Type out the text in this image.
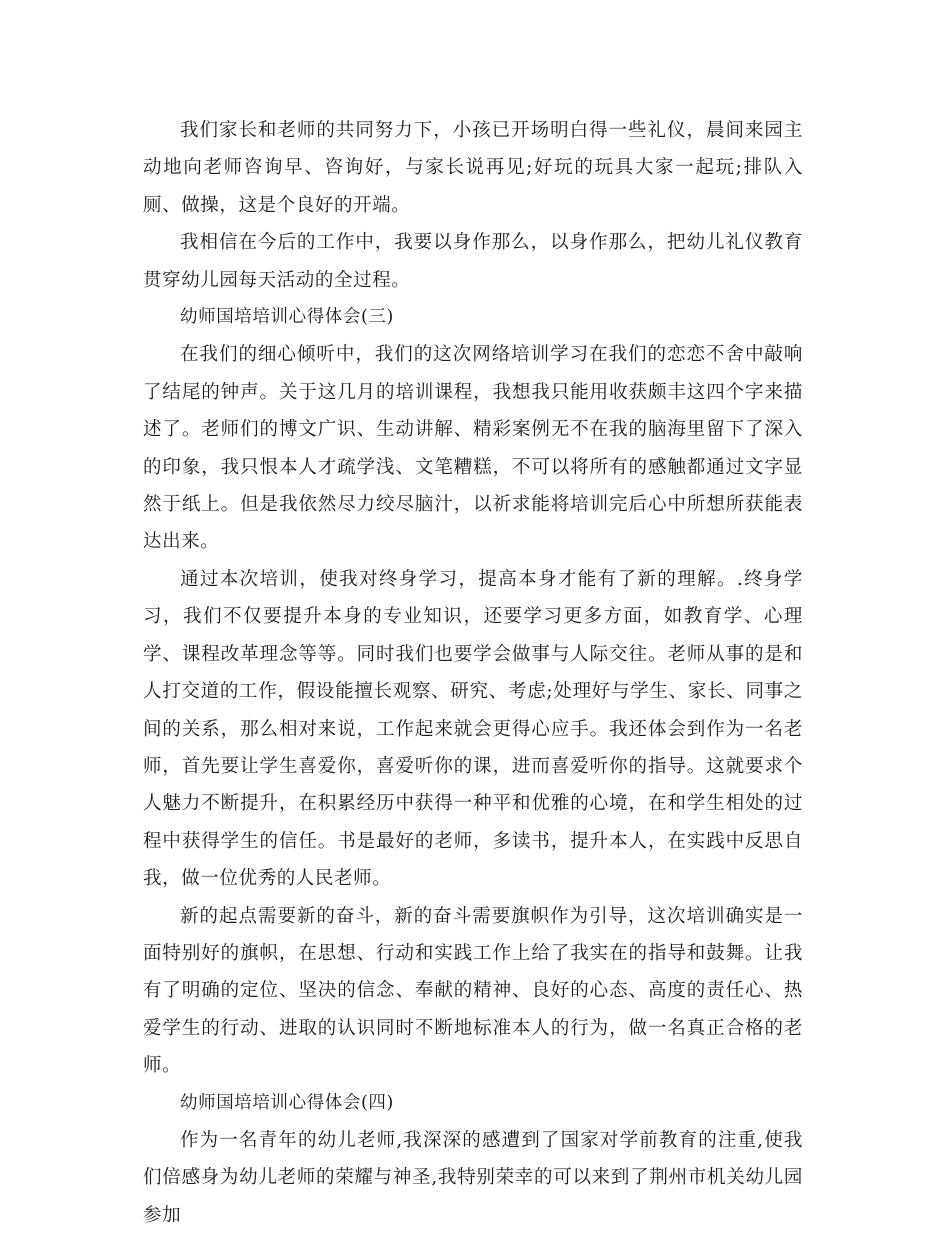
我们家长和老师的共同努力下，小孩已开场明白得一些礼仪，晨间来园主动地向老师咨询早、咨询好，与家长说再见;好玩的玩具大家一起玩;排队入厕、做操，这是个良好的开端。

我相信在今后的工作中，我要以身作那么，以身作那么，把幼儿礼仪教育贯穿幼儿园每天活动的全过程。

幼师国培培训心得体会(三)

在我们的细心倾听中，我们的这次网络培训学习在我们的恋恋不舍中敲响了结尾的钟声。关于这几月的培训课程，我想我只能用收获颇丰这四个字来描述了。老师们的博文广识、生动讲解、精彩案例无不在我的脑海里留下了深入的印象，我只恨本人才疏学浅、文笔糟糕，不可以将所有的感触都通过文字显然于纸上。但是我依然尽力绞尽脑汁，以祈求能将培训完后心中所想所获能表达出来。

通过本次培训，使我对终身学习，提高本身才能有了新的理解。.终身学习，我们不仅要提升本身的专业知识，还要学习更多方面，如教育学、心理学、课程改革理念等等。同时我们也要学会做事与人际交往。老师从事的是和人打交道的工作，假设能擅长观察、研究、考虑;处理好与学生、家长、同事之间的关系，那么相对来说，工作起来就会更得心应手。我还体会到作为一名老师，首先要让学生喜爱你，喜爱听你的课，进而喜爱听你的指导。这就要求个人魅力不断提升，在积累经历中获得一种平和优雅的心境，在和学生相处的过程中获得学生的信任。书是最好的老师，多读书，提升本人，在实践中反思自我，做一位优秀的人民老师。

新的起点需要新的奋斗，新的奋斗需要旗帜作为引导，这次培训确实是一面特别好的旗帜，在思想、行动和实践工作上给了我实在的指导和鼓舞。让我有了明确的定位、坚决的信念、奉献的精神、良好的心态、高度的责任心、热爱学生的行动、进取的认识同时不断地标准本人的行为，做一名真正合格的老师。

幼师国培培训心得体会(四)

作为一名青年的幼儿老师,我深深的感遭到了国家对学前教育的注重,使我们倍感身为幼儿老师的荣耀与神圣,我特别荣幸的可以来到了荆州市机关幼儿园参加
